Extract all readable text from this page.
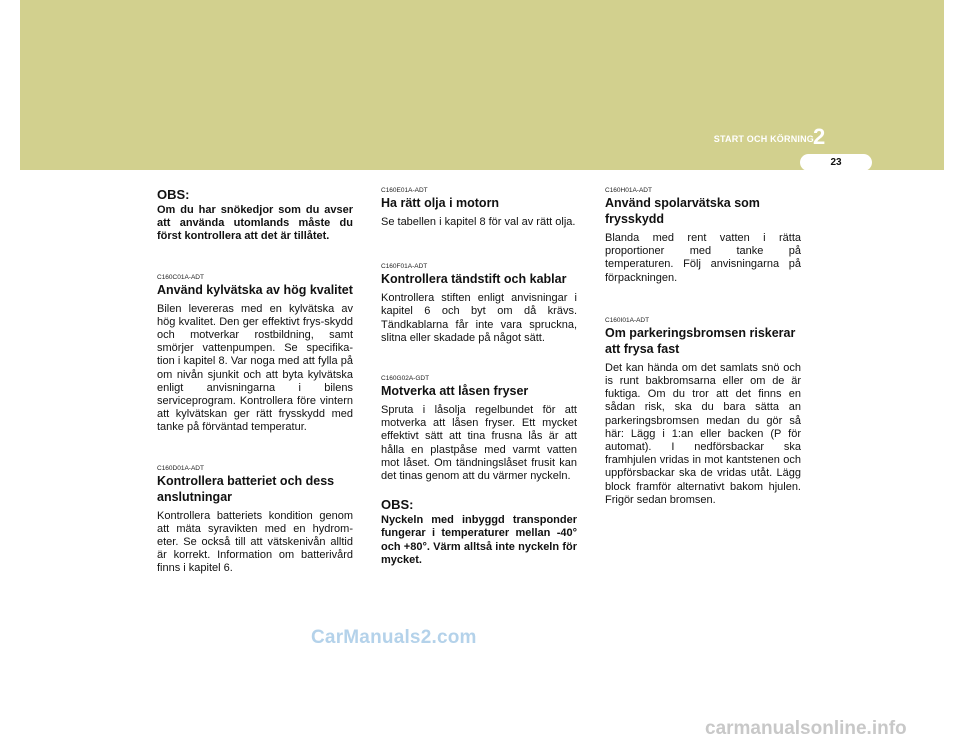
START OCH KÖRNING 2
23

OBS:

Om du har snökedjor som du avser att använda utomlands måste du först kontrollera att det är tillåtet.

C160C01A-ADT

Använd kylvätska av hög kvalitet

Bilen levereras med en kylvätska av hög kvalitet. Den ger effektivt frys-skydd och motverkar rostbildning, samt smörjer vattenpumpen. Se specifika-tion i kapitel 8. Var noga med att fylla på om nivån sjunkit och att byta kylvätska enligt anvisningarna i bilens serviceprogram. Kontrollera före vintern att kylvätskan ger rätt frysskydd med tanke på förväntad temperatur.

C160D01A-ADT

Kontrollera batteriet och dess anslutningar

Kontrollera batteriets kondition genom att mäta syravikten med en hydrom-eter. Se också till att vätskenivån alltid är korrekt. Information om batterivård finns i kapitel 6.

C160E01A-ADT

Ha rätt olja i motorn

Se tabellen i kapitel 8 för val av rätt olja.

C160F01A-ADT

Kontrollera tändstift och kablar

Kontrollera stiften enligt anvisningar i kapitel 6 och byt om då krävs. Tändkablarna får inte vara spruckna, slitna eller skadade på något sätt.

C160G02A-GDT

Motverka att låsen fryser

Spruta i låsolja regelbundet för att motverka att låsen fryser. Ett mycket effektivt sätt att tina frusna lås är att hålla en plastpåse med varmt vatten mot låset. Om tändningslåset frusit kan det tinas genom att du värmer nyckeln.

OBS:

Nyckeln med inbyggd transponder fungerar i temperaturer mellan -40° och +80°. Värm alltså inte nyckeln för mycket.

C160H01A-ADT

Använd spolarvätska som frysskydd

Blanda med rent vatten i rätta proportioner med tanke på temperaturen. Följ anvisningarna på förpackningen.

C160I01A-ADT

Om parkeringsbromsen riskerar att frysa fast

Det kan hända om det samlats snö och is runt bakbromsarna eller om de är fuktiga. Om du tror att det finns en sådan risk, ska du bara sätta an parkeringsbromsen medan du gör så här: Lägg i 1:an eller backen (P för automat). I nedförsbackar ska framhjulen vridas in mot kantstenen och uppförsbackar ska de vridas utåt. Lägg block framför alternativt bakom hjulen. Frigör sedan bromsen.

CarManuals2.com
carmanualsonline.info
